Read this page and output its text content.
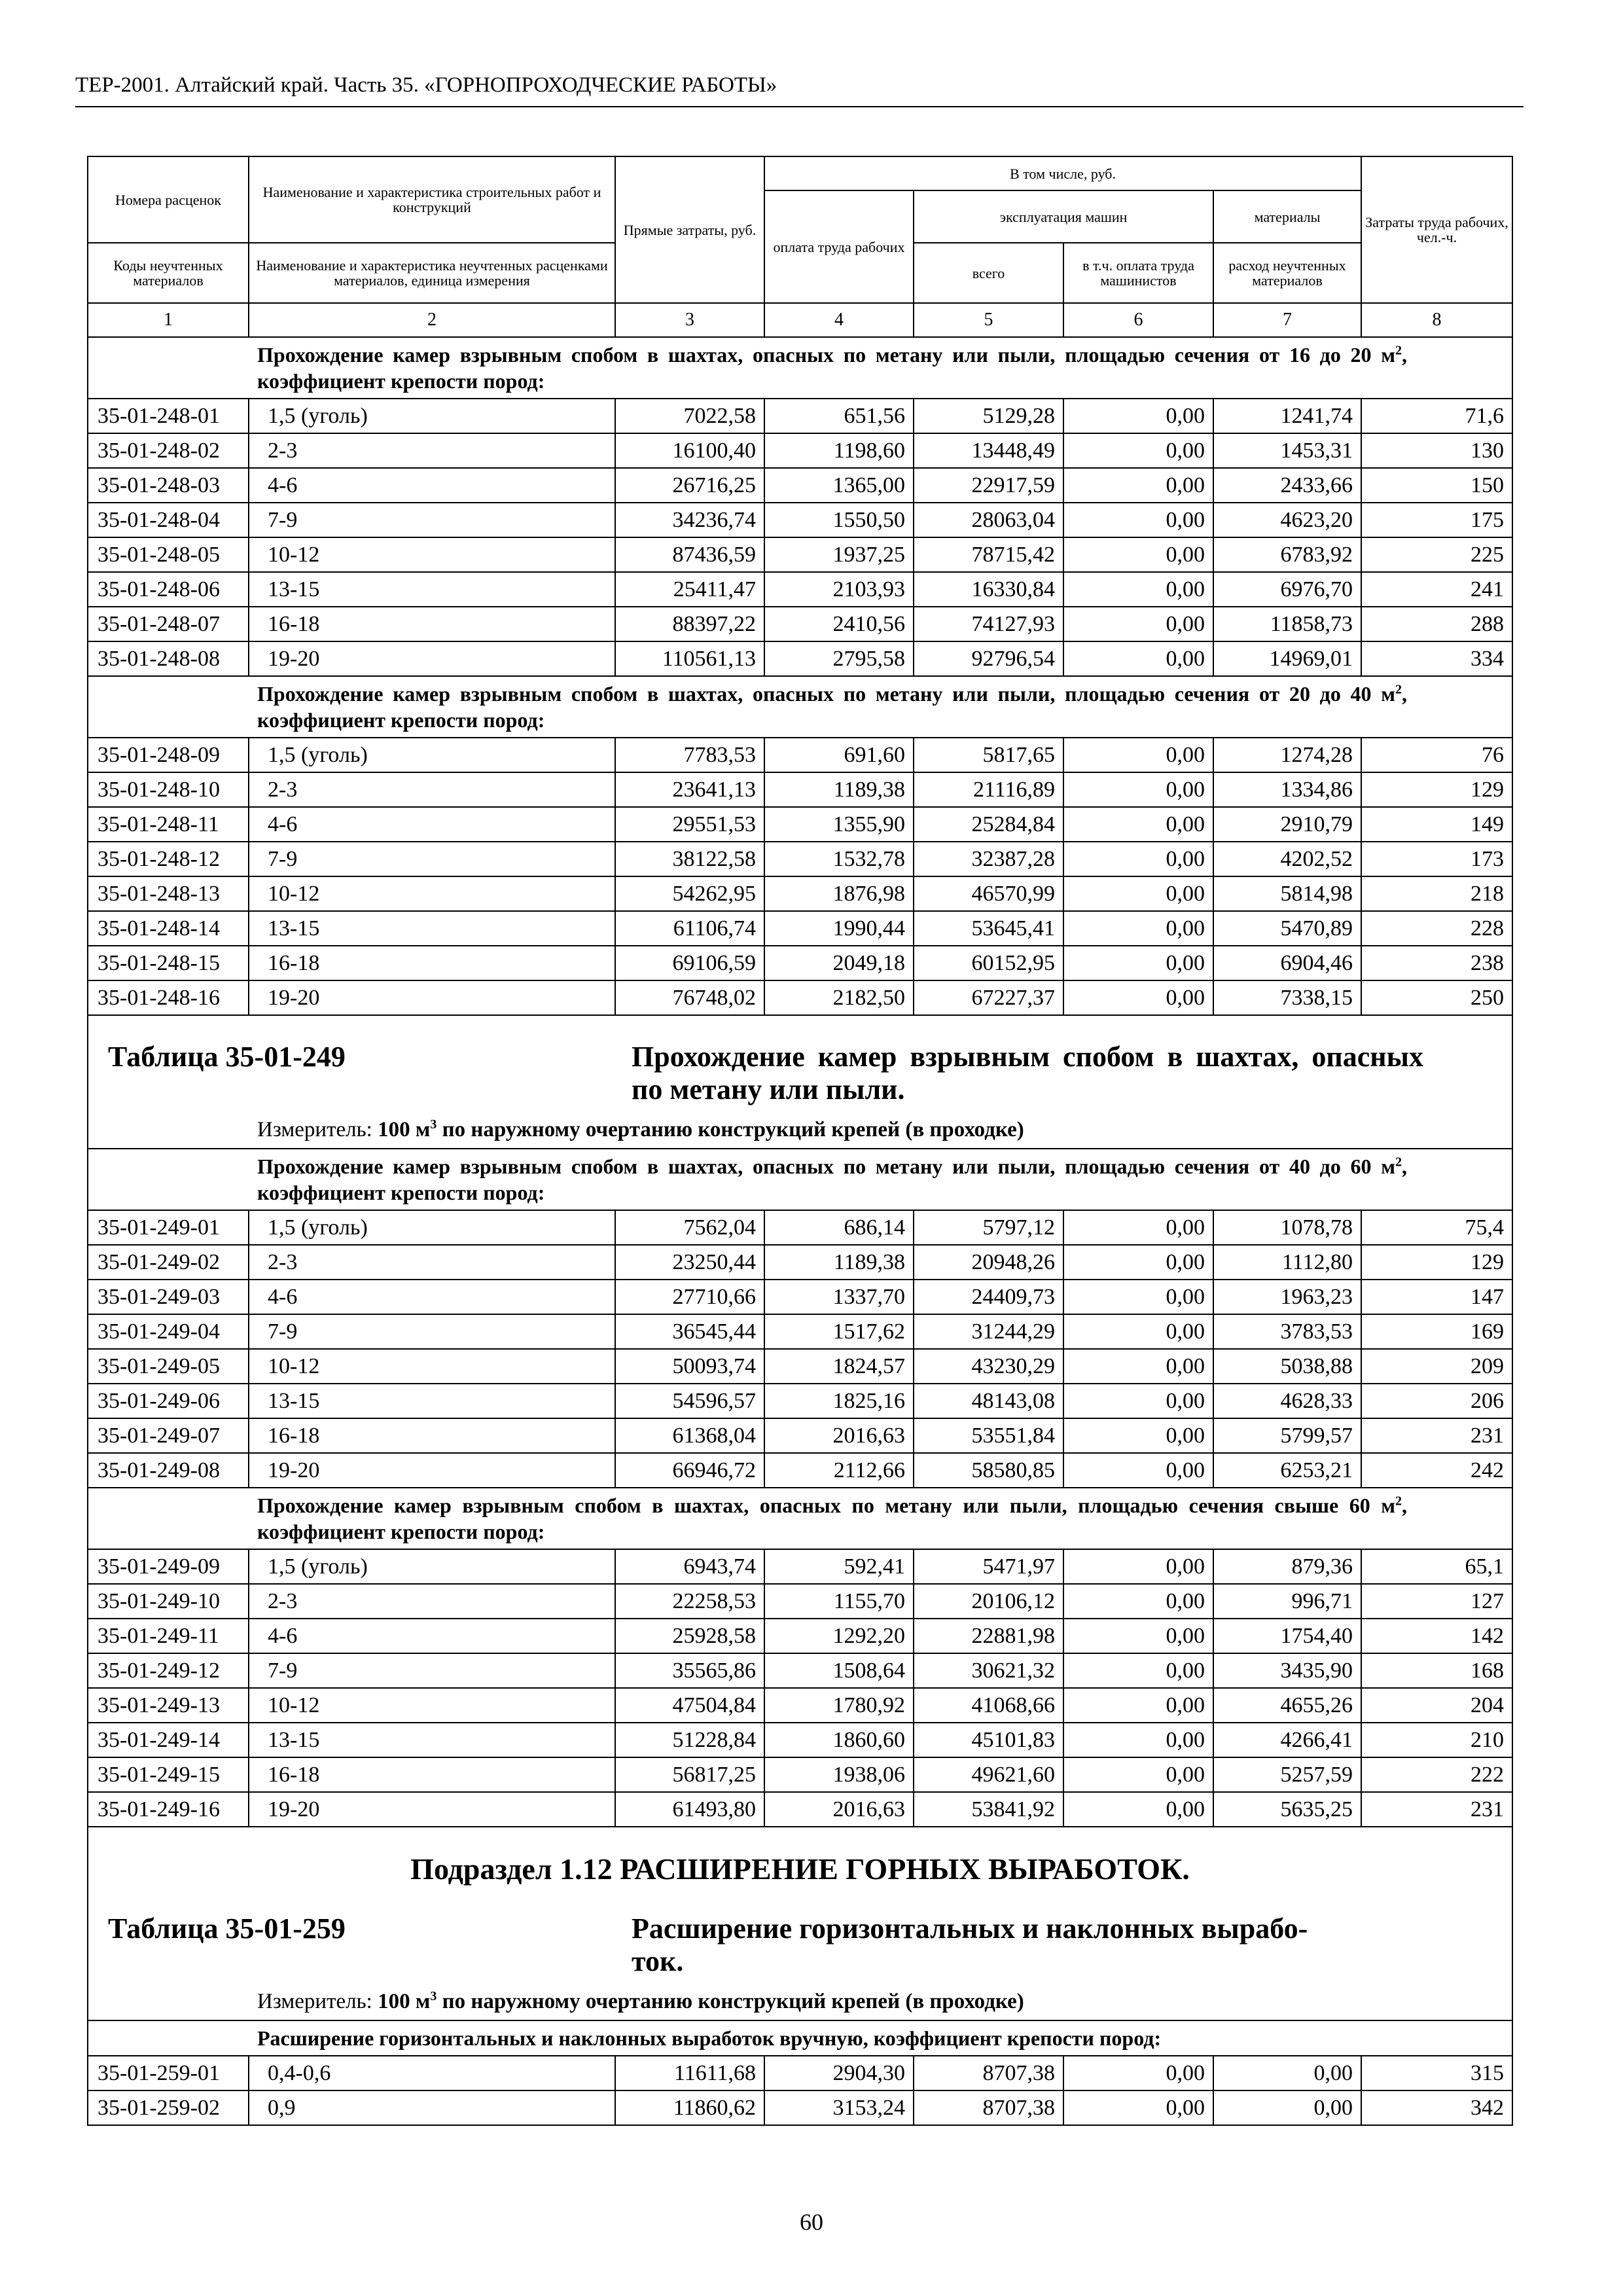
ТЕР-2001. Алтайский край. Часть 35. «ГОРНОПРОХОДЧЕСКИЕ РАБОТЫ»
Номера расценок	Наименование и характеристика строительных работ и конструкций	Прямые затраты, руб.	В том числе, руб.				Затраты труда рабочих, чел.-ч.
			оплата труда рабочих	эксплуатация машин		материалы	
Коды неучтенных материалов	Наименование и характеристика неучтенных расценками материалов, единица измерения			всего	в т.ч. оплата труда машинистов	расход неучтенных материалов	
1	2	3	4	5	6	7	8
Прохождение камер взрывным спобом в шахтах, опасных по метану или пыли, площадью сечения от 16 до 20 $м^2$, коэффициент крепости пород:							
35-01-248-01	1,5 (уголь)	7022,58	651,56	5129,28	0,00	1241,74	71,6
35-01-248-02	2-3	16100,40	1198,60	13448,49	0,00	1453,31	130
35-01-248-03	4-6	26716,25	1365,00	22917,59	0,00	2433,66	150
35-01-248-04	7-9	34236,74	1550,50	28063,04	0,00	4623,20	175
35-01-248-05	10-12	87436,59	1937,25	78715,42	0,00	6783,92	225
35-01-248-06	13-15	25411,47	2103,93	16330,84	0,00	6976,70	241
35-01-248-07	16-18	88397,22	2410,56	74127,93	0,00	11858,73	288
35-01-248-08	19-20	110561,13	2795,58	92796,54	0,00	14969,01	334
Прохождение камер взрывным спобом в шахтах, опасных по метану или пыли, площадью сечения от 20 до 40 $м^2$, коэффициент крепости пород:							
35-01-248-09	1,5 (уголь)	7783,53	691,60	5817,65	0,00	1274,28	76
35-01-248-10	2-3	23641,13	1189,38	21116,89	0,00	1334,86	129
35-01-248-11	4-6	29551,53	1355,90	25284,84	0,00	2910,79	149
35-01-248-12	7-9	38122,58	1532,78	32387,28	0,00	4202,52	173
35-01-248-13	10-12	54262,95	1876,98	46570,99	0,00	5814,98	218
35-01-248-14	13-15	61106,74	1990,44	53645,41	0,00	5470,89	228
35-01-248-15	16-18	69106,59	2049,18	60152,95	0,00	6904,46	238
35-01-248-16	19-20	76748,02	2182,50	67227,37	0,00	7338,15	250

Таблица 35-01-249 Прохождение камер взрывным спобом в шахтах, опасных по метану или пыли.
Измеритель: 100 $м^3$ по наружному очертанию конструкций крепей (в проходке)							

Прохождение камер взрывным спобом в шахтах, опасных по метану или пыли, площадью сечения от 40 до 60 $м^2$, коэффициент крепости пород:							
35-01-249-01	1,5 (уголь)	7562,04	686,14	5797,12	0,00	1078,78	75,4
35-01-249-02	2-3	23250,44	1189,38	20948,26	0,00	1112,80	129
35-01-249-03	4-6	27710,66	1337,70	24409,73	0,00	1963,23	147
35-01-249-04	7-9	36545,44	1517,62	31244,29	0,00	3783,53	169
35-01-249-05	10-12	50093,74	1824,57	43230,29	0,00	5038,88	209
35-01-249-06	13-15	54596,57	1825,16	48143,08	0,00	4628,33	206
35-01-249-07	16-18	61368,04	2016,63	53551,84	0,00	5799,57	231
35-01-249-08	19-20	66946,72	2112,66	58580,85	0,00	6253,21	242
Прохождение камер взрывным спобом в шахтах, опасных по метану или пыли, площадью сечения свыше 60 $м^2$, коэффициент крепости пород:							
35-01-249-09	1,5 (уголь)	6943,74	592,41	5471,97	0,00	879,36	65,1
35-01-249-10	2-3	22258,53	1155,70	20106,12	0,00	996,71	127
35-01-249-11	4-6	25928,58	1292,20	22881,98	0,00	1754,40	142
35-01-249-12	7-9	35565,86	1508,64	30621,32	0,00	3435,90	168
35-01-249-13	10-12	47504,84	1780,92	41068,66	0,00	4655,26	204
35-01-249-14	13-15	51228,84	1860,60	45101,83	0,00	4266,41	210
35-01-249-15	16-18	56817,25	1938,06	49621,60	0,00	5257,59	222
35-01-249-16	19-20	61493,80	2016,63	53841,92	0,00	5635,25	231

Подраздел 1.12 РАСШИРЕНИЕ ГОРНЫХ ВЫРАБОТОК.
Таблица 35-01-259 Расширение горизонтальных и наклонных вырабо-
ток.
Измеритель: 100 $м^3$ по наружному очертанию конструкций крепей (в проходке)							

Расширение горизонтальных и наклонных выработок вручную, коэффициент крепости пород:							
35-01-259-01	0,4-0,6	11611,68	2904,30	8707,38	0,00	0,00	315
35-01-259-02	0,9	11860,62	3153,24	8707,38	0,00	0,00	342
60
